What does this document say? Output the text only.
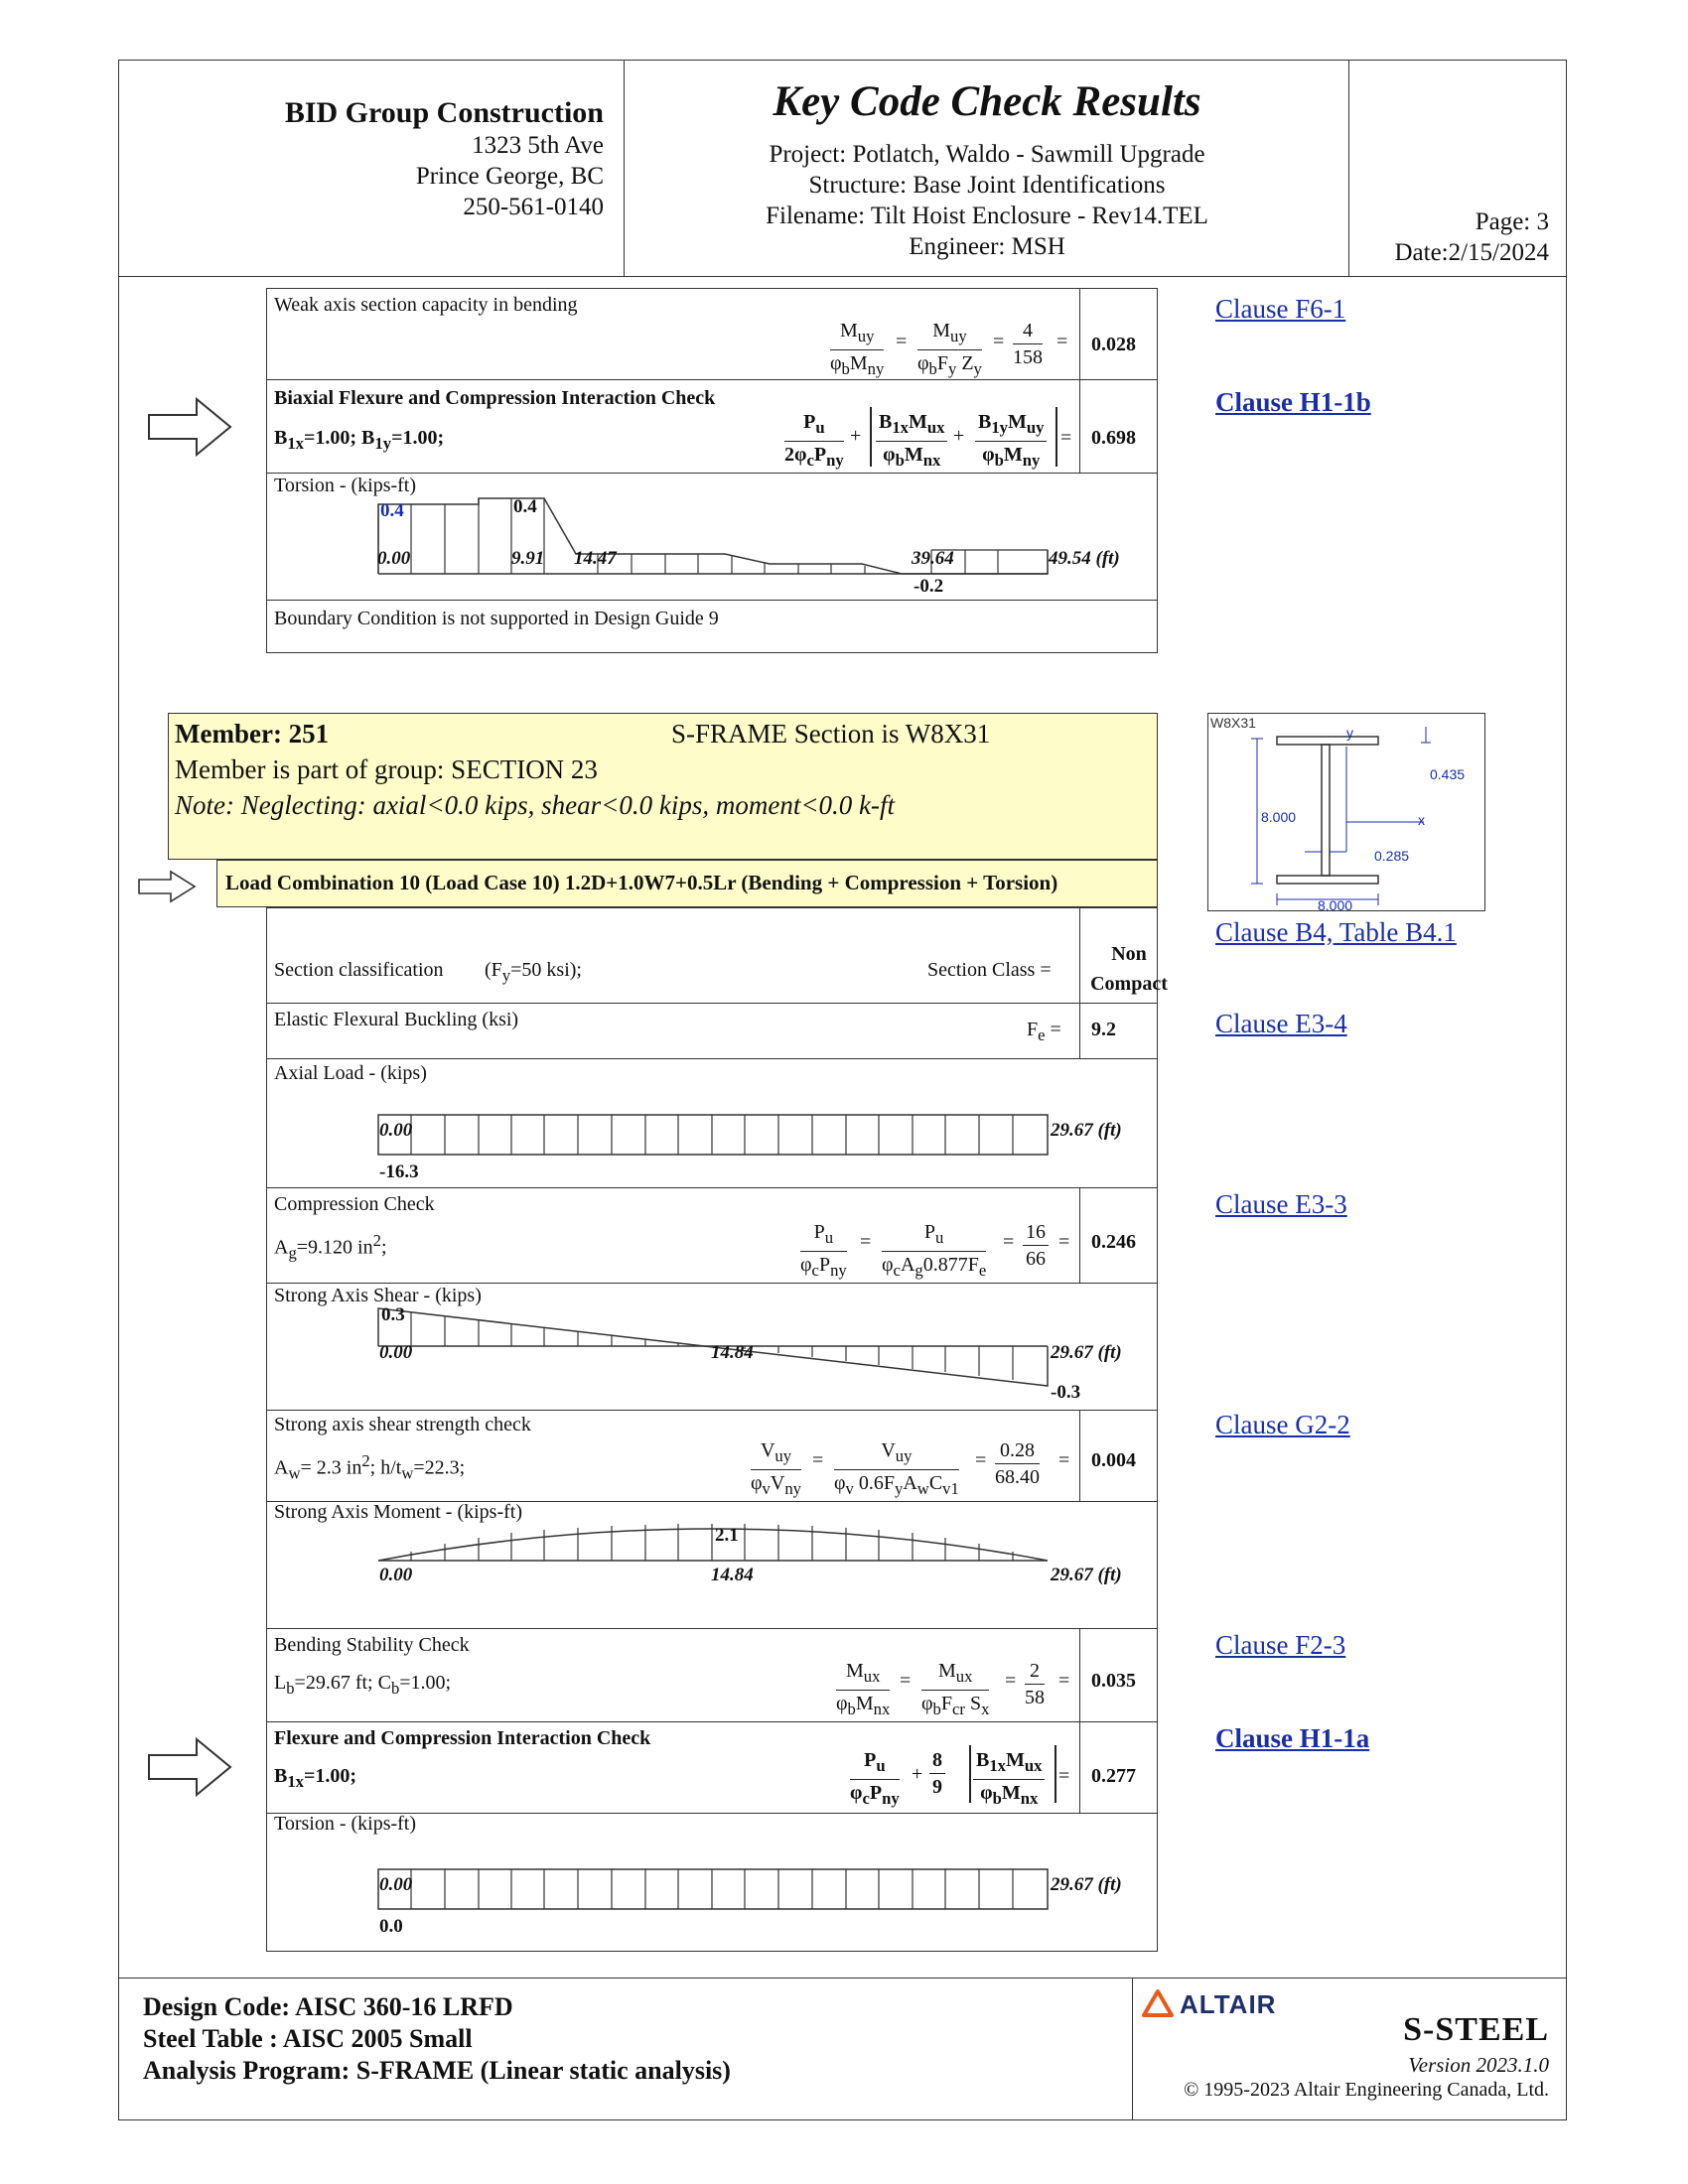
BID Group Construction
1323 5th Ave
Prince George, BC
250-561-0140
Key Code Check Results
Project: Potlatch, Waldo - Sawmill Upgrade
Structure: Base Joint Identifications
Filename: Tilt Hoist Enclosure - Rev14.TEL
Engineer: MSH
Page: 3
Date:2/15/2024
Weak axis section capacity in bending
$M_{uy}$
$\varphi_bM_{ny}$
=	$M_{uy}$
$\varphi_bF_y$ $Z_y$
= $\frac{4}{158} = 0.028$
Clause F6-1
Biaxial Flexure and Compression Interaction Check
$B_{1x}=1.00$; $B_{1y}=1.00$;
$P_u$
$2\varphi_cP_{ny}$
+
$B_{1x}M_{ux}$
$\varphi_bM_{nx}$
+
$B_{1y}M_{uy}$
$\varphi_bM_{ny}$
= 0.698
Clause H1-1b
Torsion - (kips-ft)
0.4	0.4
0.00	9.91 14.47	39.64	49.54 (ft)
-0.2
Boundary Condition is not supported in Design Guide 9
Member: 251	S-FRAME Section is W8X31
Member is part of group: SECTION 23
Note: Neglecting: axial<0.0 kips, shear<0.0 kips, moment<0.0 k-ft
Load Combination 10 (Load Case 10) 1.2D+1.0W7+0.5Lr (Bending + Compression + Torsion)
W8X31
8.000
8.000
0.435
0.285
x
y
Section classification ($F_y=50$ ksi);	Section Class =
Non Compact
Clause B4, Table B4.1
Elastic Flexural Buckling (ksi)	$F_e = 9.2$	Clause E3-4
Axial Load - (kips)
0.00	29.67 (ft)
-16.3
Compression Check
$A_g=9.120$ $in^2$;
$P_u$
$\varphi_cP_{ny}$
=	$P_u$
$\varphi_cA_g0.877F_e$
= $\frac{16}{66} = 0.246$
Clause E3-3
Strong Axis Shear - (kips)
0.3
0.00	14.84	29.67 (ft)
-0.3
Strong axis shear strength check
$A_w= 2.3$ $in^2$; $h/t_w=22.3$;
$V_{uy}$
$\varphi_vV_{ny}$
=	$V_{uy}$
$\varphi_v$ $0.6F_yA_wC_{v1}$
= $\frac{0.28}{68.40} = 0.004$
Clause G2-2
Strong Axis Moment - (kips-ft)
2.1
0.00	14.84	29.67 (ft)
Bending Stability Check
$L_b=29.67$ ft; $C_b=1.00$;
$M_{ux}$
$\varphi_bM_{nx}$
=	$M_{ux}$
$\varphi_bF_{cr}$ $S_x$
= $\frac{2}{58} = 0.035$
Clause F2-3
Flexure and Compression Interaction Check
$B_{1x}=1.00$;
$P_u$
$\varphi_cP_{ny}$
+ $\frac{8}{9} B_{1x}M_{ux}$
$\varphi_bM_{nx}$
= 0.277
Clause H1-1a
Torsion - (kips-ft)
0.00	29.67 (ft)
0.0
Design Code: AISC 360-16 LRFD
Steel Table : AISC 2005 Small
Analysis Program: S-FRAME (Linear static analysis)
ALTAIR
S-STEEL
Version 2023.1.0
© 1995-2023 Altair Engineering Canada, Ltd.
